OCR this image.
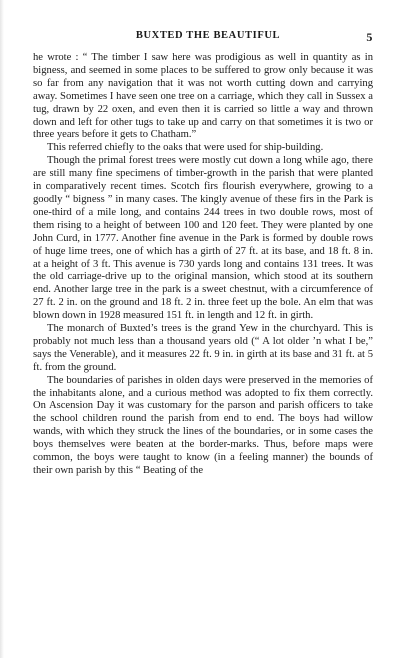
BUXTED THE BEAUTIFUL	5

he wrote : “ The timber I saw here was prodigious as well in quantity as in bigness, and seemed in some places to be suffered to grow only because it was so far from any navigation that it was not worth cutting down and carrying away. Sometimes I have seen one tree on a carriage, which they call in Sussex a tug, drawn by 22 oxen, and even then it is carried so little a way and thrown down and left for other tugs to take up and carry on that sometimes it is two or three years before it gets to Chatham.”

This referred chiefly to the oaks that were used for ship-building.

Though the primal forest trees were mostly cut down a long while ago, there are still many fine specimens of timber-growth in the parish that were planted in comparatively recent times. Scotch firs flourish everywhere, growing to a goodly “ bigness ” in many cases. The kingly avenue of these firs in the Park is one-third of a mile long, and contains 244 trees in two double rows, most of them rising to a height of between 100 and 120 feet. They were planted by one John Curd, in 1777. Another fine avenue in the Park is formed by double rows of huge lime trees, one of which has a girth of 27 ft. at its base, and 18 ft. 8 in. at a height of 3 ft. This avenue is 730 yards long and contains 131 trees. It was the old carriage-drive up to the original mansion, which stood at its southern end. Another large tree in the park is a sweet chestnut, with a circumference of 27 ft. 2 in. on the ground and 18 ft. 2 in. three feet up the bole. An elm that was blown down in 1928 measured 151 ft. in length and 12 ft. in girth.

The monarch of Buxted’s trees is the grand Yew in the churchyard. This is probably not much less than a thousand years old (“ A lot older ’n what I be,” says the Venerable), and it measures 22 ft. 9 in. in girth at its base and 31 ft. at 5 ft. from the ground.

The boundaries of parishes in olden days were preserved in the memories of the inhabitants alone, and a curious method was adopted to fix them correctly. On Ascension Day it was customary for the parson and parish officers to take the school children round the parish from end to end. The boys had willow wands, with which they struck the lines of the boundaries, or in some cases the boys themselves were beaten at the border-marks. Thus, before maps were common, the boys were taught to know (in a feeling manner) the bounds of their own parish by this “ Beating of the
